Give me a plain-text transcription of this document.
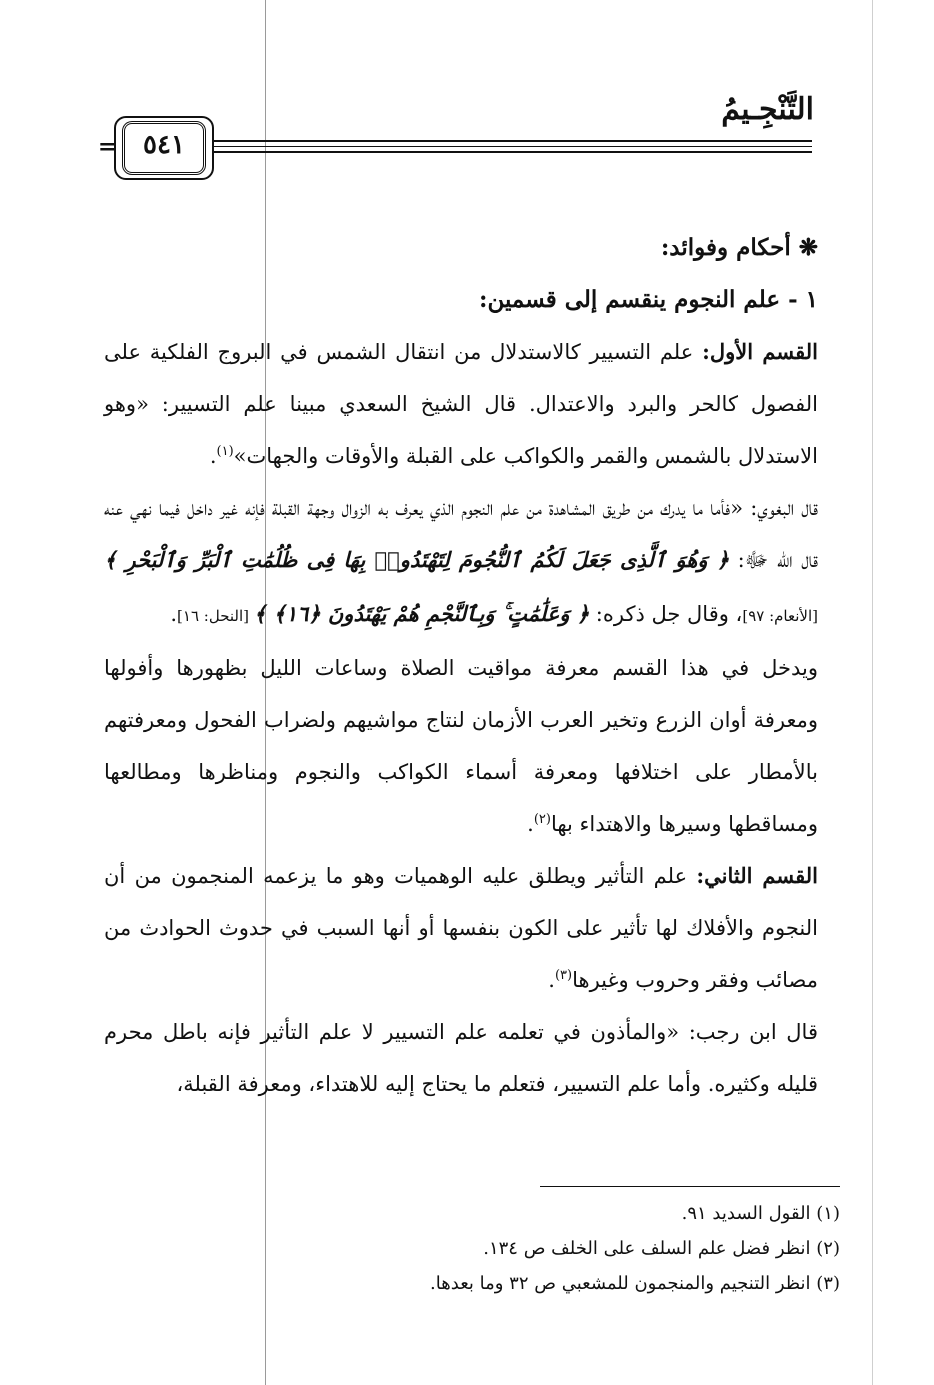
التَّنْجِـيمُ
٥٤١
=

❋ أحكام وفوائد:

١ - علم النجوم ينقسم إلى قسمين:

القسم الأول: علم التسيير كالاستدلال من انتقال الشمس في البروج الفلكية على الفصول كالحر والبرد والاعتدال. قال الشيخ السعدي مبينا علم التسيير: «وهو الاستدلال بالشمس والقمر والكواكب على القبلة والأوقات والجهات»$^{(١)}$.

قال البغوي: «فأما ما يدرك من طريق المشاهدة من علم النجوم الذي يعرف به الزوال وجهة القبلة فإنه غير داخل فيما نهي عنه قال الله ﷻ: ﴿ وَهُوَ ٱلَّذِى جَعَلَ لَكُمُ ٱلنُّجُومَ لِتَهْتَدُوا۟ بِهَا فِى ظُلُمَٰتِ ٱلْبَرِّ وَٱلْبَحْرِ ﴾ [الأنعام: ٩٧]، وقال جل ذكره: ﴿ وَعَلَٰمَٰتٍ ۚ وَبِٱلنَّجْمِ هُمْ يَهْتَدُونَ ﴿١٦﴾ ﴾ [النحل: ١٦].

ويدخل في هذا القسم معرفة مواقيت الصلاة وساعات الليل بظهورها وأفولها ومعرفة أوان الزرع وتخير العرب الأزمان لنتاج مواشيهم ولضراب الفحول ومعرفتهم بالأمطار على اختلافها ومعرفة أسماء الكواكب والنجوم ومناظرها ومطالعها ومساقطها وسيرها والاهتداء بها$^{(٢)}$.

القسم الثاني: علم التأثير ويطلق عليه الوهميات وهو ما يزعمه المنجمون من أن النجوم والأفلاك لها تأثير على الكون بنفسها أو أنها السبب في حدوث الحوادث من مصائب وفقر وحروب وغيرها$^{(٣)}$.

قال ابن رجب: «والمأذون في تعلمه علم التسيير لا علم التأثير فإنه باطل محرم قليله وكثيره. وأما علم التسيير، فتعلم ما يحتاج إليه للاهتداء، ومعرفة القبلة،

(١) القول السديد ٩١.
(٢) انظر فضل علم السلف على الخلف ص ١٣٤.
(٣) انظر التنجيم والمنجمون للمشعبي ص ٣٢ وما بعدها.
